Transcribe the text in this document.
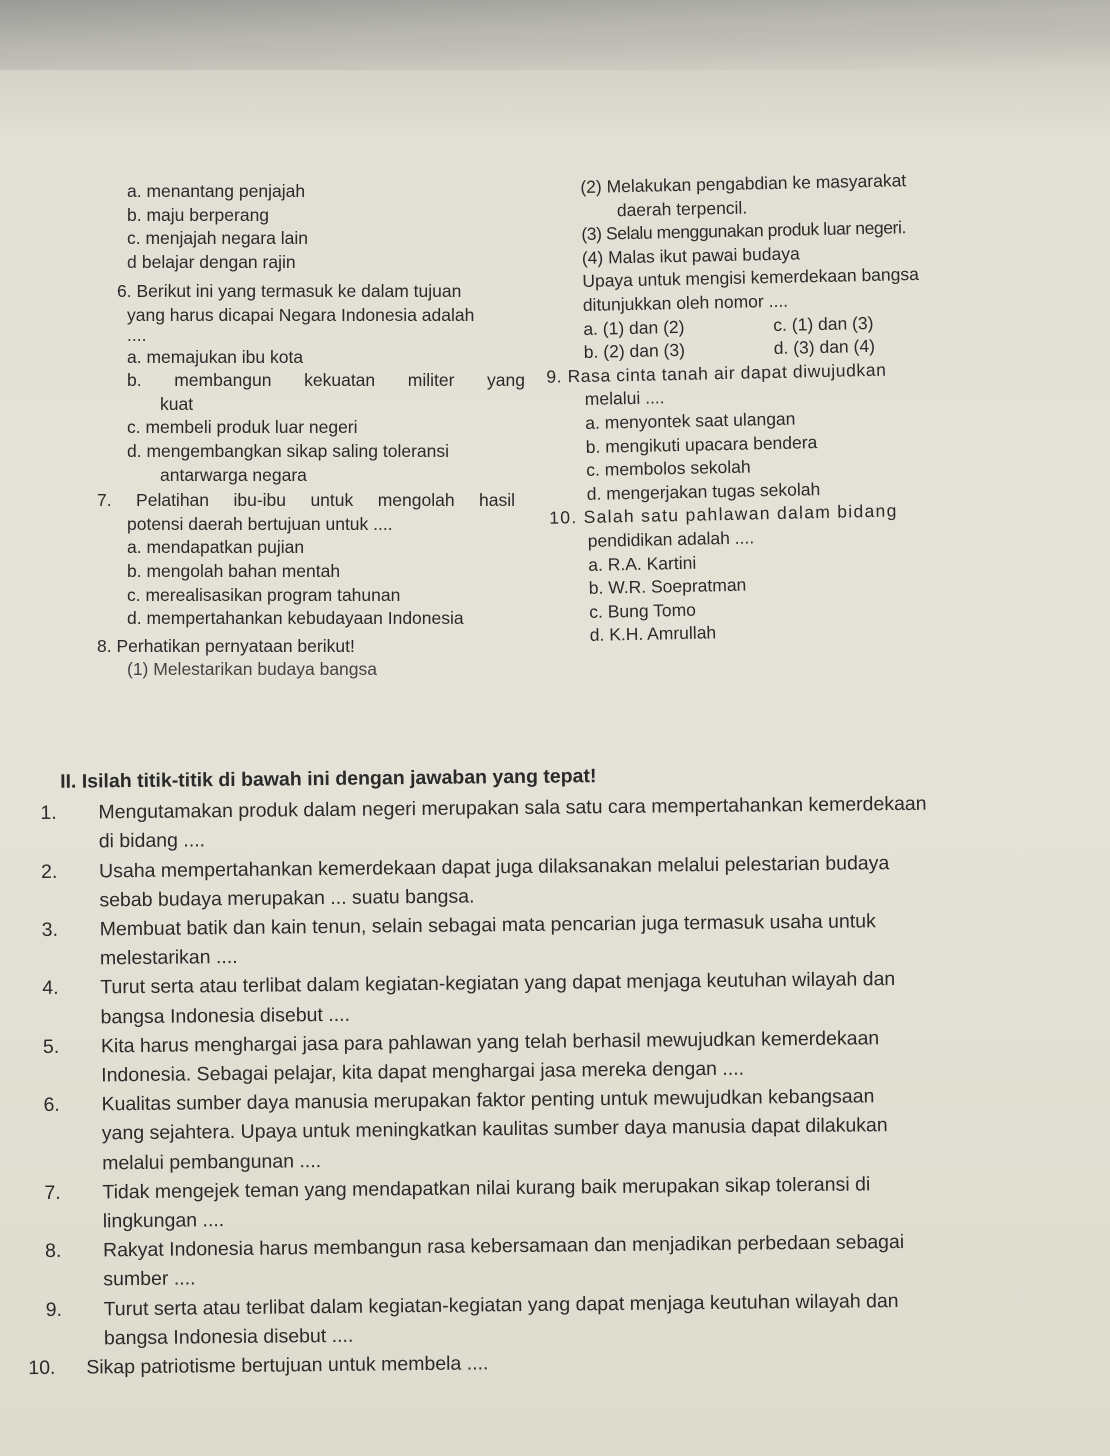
a. menantang penjajah
b. maju berperang
c. menjajah negara lain
d belajar dengan rajin
6. Berikut ini yang termasuk ke dalam tujuan
yang harus dicapai Negara Indonesia adalah
....
a. memajukan ibu kota
b. membangun kekuatan militer yang
kuat
c. membeli produk luar negeri
d. mengembangkan sikap saling toleransi
antarwarga negara
7. Pelatihan ibu-ibu untuk mengolah hasil
potensi daerah bertujuan untuk ....
a. mendapatkan pujian
b. mengolah bahan mentah
c. merealisasikan program tahunan
d. mempertahankan kebudayaan Indonesia
8. Perhatikan pernyataan berikut!
(1) Melestarikan budaya bangsa
(2) Melakukan pengabdian ke masyarakat
daerah terpencil.
(3) Selalu menggunakan produk luar negeri.
(4) Malas ikut pawai budaya
Upaya untuk mengisi kemerdekaan bangsa
ditunjukkan oleh nomor ....
a. (1) dan (2)	c. (1) dan (3)
b. (2) dan (3)	d. (3) dan (4)
9. Rasa cinta tanah air dapat diwujudkan
melalui ....
a. menyontek saat ulangan
b. mengikuti upacara bendera
c. membolos sekolah
d. mengerjakan tugas sekolah
10. Salah satu pahlawan dalam bidang
pendidikan adalah ....
a. R.A. Kartini
b. W.R. Soepratman
c. Bung Tomo
d. K.H. Amrullah
II. Isilah titik-titik di bawah ini dengan jawaban yang tepat!
1.	Mengutamakan produk dalam negeri merupakan sala satu cara mempertahankan kemerdekaan
di bidang ....
2.	Usaha mempertahankan kemerdekaan dapat juga dilaksanakan melalui pelestarian budaya
sebab budaya merupakan ... suatu bangsa.
3.	Membuat batik dan kain tenun, selain sebagai mata pencarian juga termasuk usaha untuk
melestarikan ....
4.	Turut serta atau terlibat dalam kegiatan-kegiatan yang dapat menjaga keutuhan wilayah dan
bangsa Indonesia disebut ....
5.	Kita harus menghargai jasa para pahlawan yang telah berhasil mewujudkan kemerdekaan
Indonesia. Sebagai pelajar, kita dapat menghargai jasa mereka dengan ....
6.	Kualitas sumber daya manusia merupakan faktor penting untuk mewujudkan kebangsaan
yang sejahtera. Upaya untuk meningkatkan kaulitas sumber daya manusia dapat dilakukan
melalui pembangunan ....
7.	Tidak mengejek teman yang mendapatkan nilai kurang baik merupakan sikap toleransi di
lingkungan ....
8.	Rakyat Indonesia harus membangun rasa kebersamaan dan menjadikan perbedaan sebagai
sumber ....
9.	Turut serta atau terlibat dalam kegiatan-kegiatan yang dapat menjaga keutuhan wilayah dan
bangsa Indonesia disebut ....
10.	Sikap patriotisme bertujuan untuk membela ....
